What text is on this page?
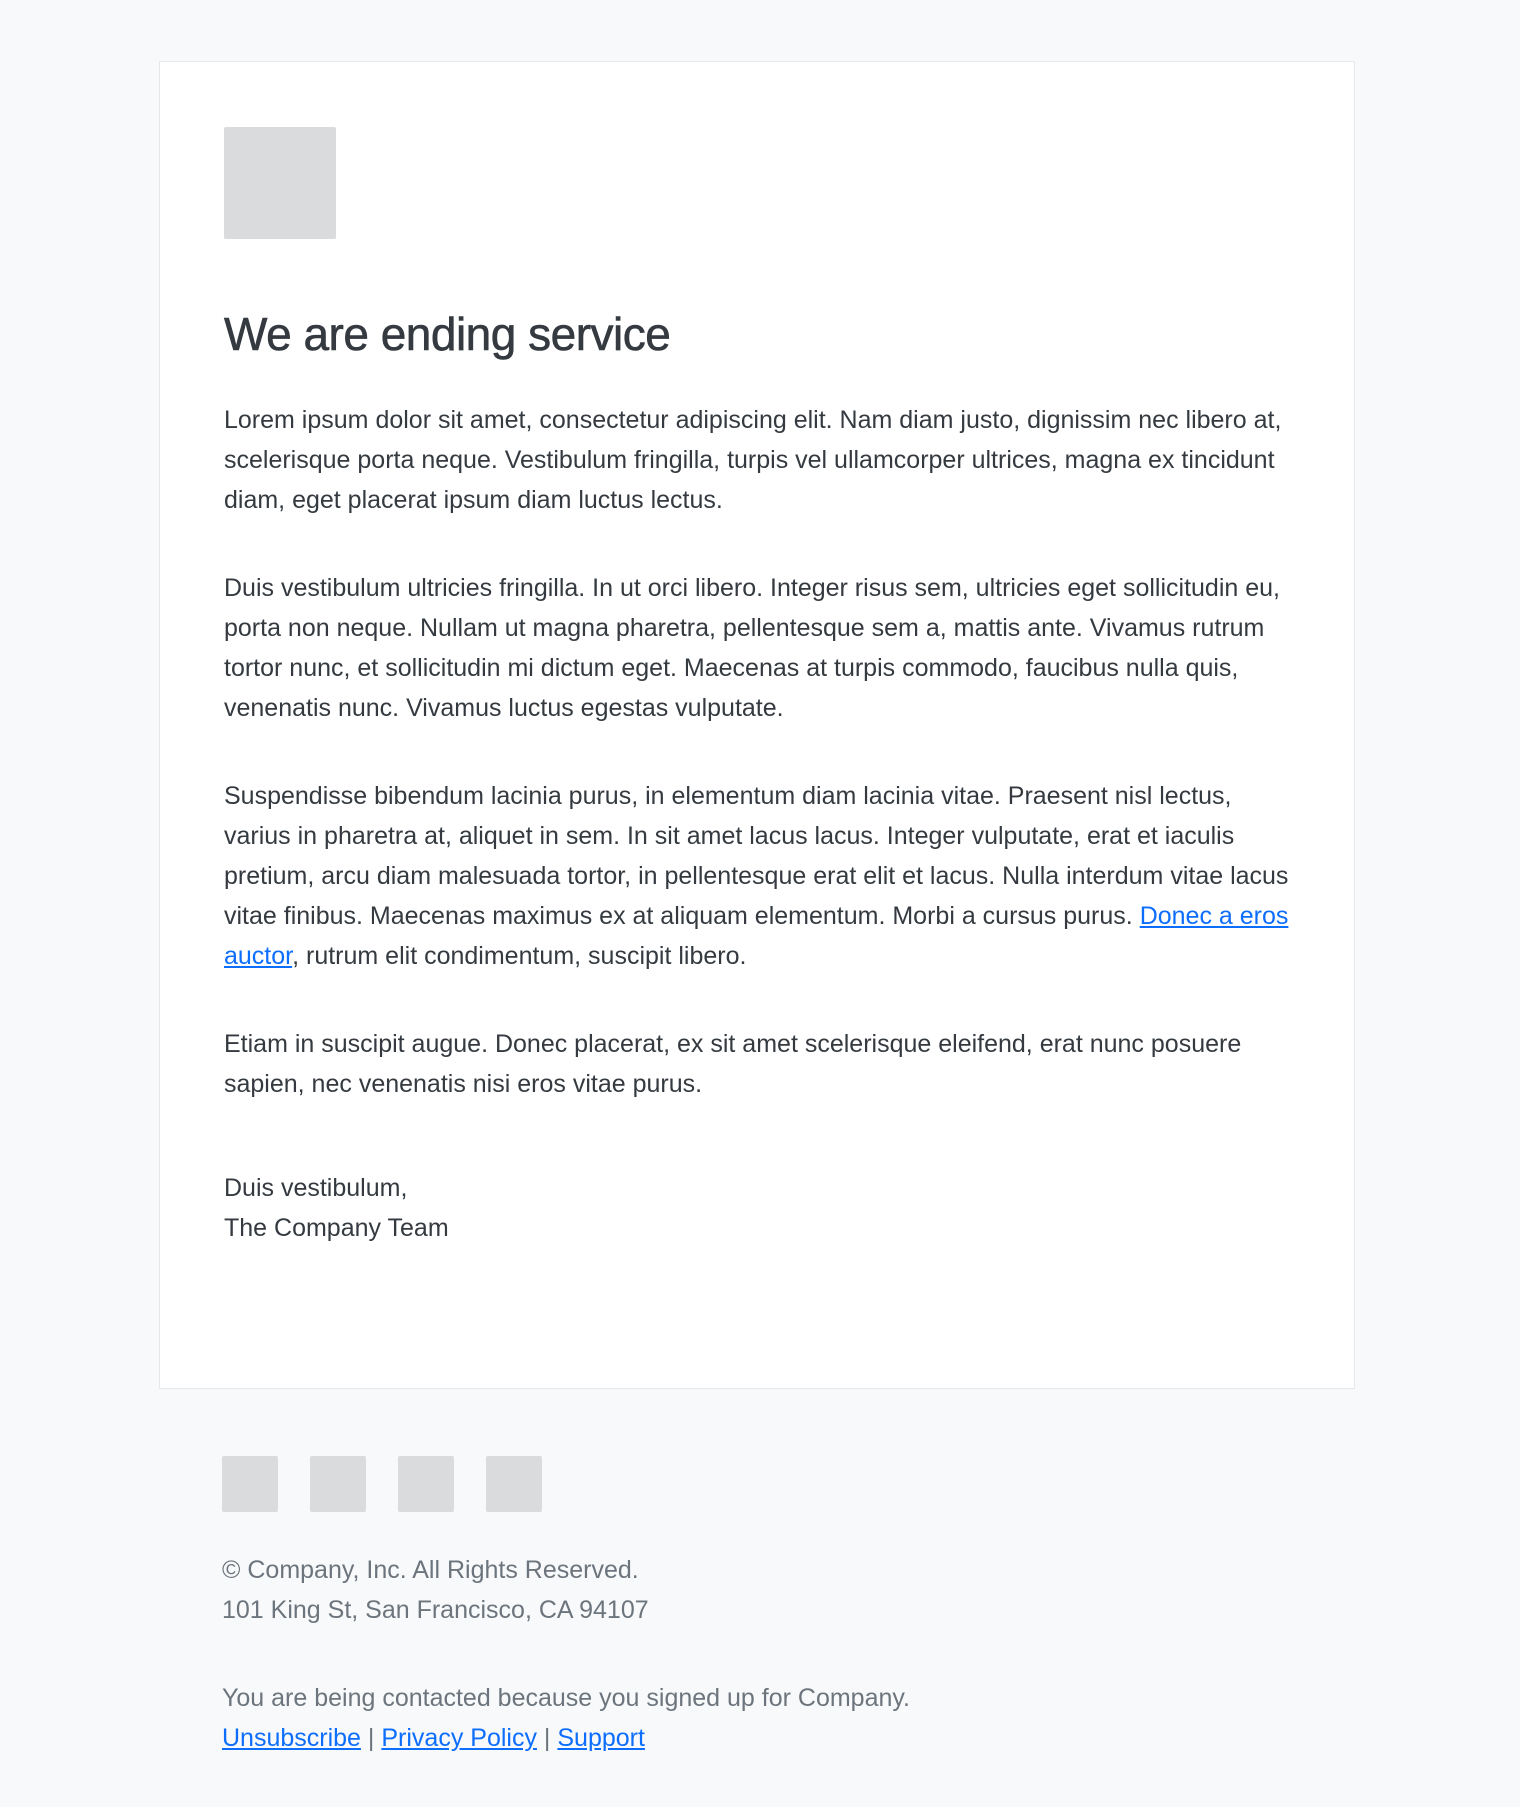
We are ending service

Lorem ipsum dolor sit amet, consectetur adipiscing elit. Nam diam justo, dignissim nec libero at, scelerisque porta neque. Vestibulum fringilla, turpis vel ullamcorper ultrices, magna ex tincidunt diam, eget placerat ipsum diam luctus lectus.

Duis vestibulum ultricies fringilla. In ut orci libero. Integer risus sem, ultricies eget sollicitudin eu, porta non neque. Nullam ut magna pharetra, pellentesque sem a, mattis ante. Vivamus rutrum tortor nunc, et sollicitudin mi dictum eget. Maecenas at turpis commodo, faucibus nulla quis, venenatis nunc. Vivamus luctus egestas vulputate.

Suspendisse bibendum lacinia purus, in elementum diam lacinia vitae. Praesent nisl lectus, varius in pharetra at, aliquet in sem. In sit amet lacus lacus. Integer vulputate, erat et iaculis pretium, arcu diam malesuada tortor, in pellentesque erat elit et lacus. Nulla interdum vitae lacus vitae finibus. Maecenas maximus ex at aliquam elementum. Morbi a cursus purus. Donec a eros auctor, rutrum elit condimentum, suscipit libero.

Etiam in suscipit augue. Donec placerat, ex sit amet scelerisque eleifend, erat nunc posuere sapien, nec venenatis nisi eros vitae purus.

Duis vestibulum,
The Company Team

© Company, Inc. All Rights Reserved.
101 King St, San Francisco, CA 94107

You are being contacted because you signed up for Company.
Unsubscribe | Privacy Policy | Support
